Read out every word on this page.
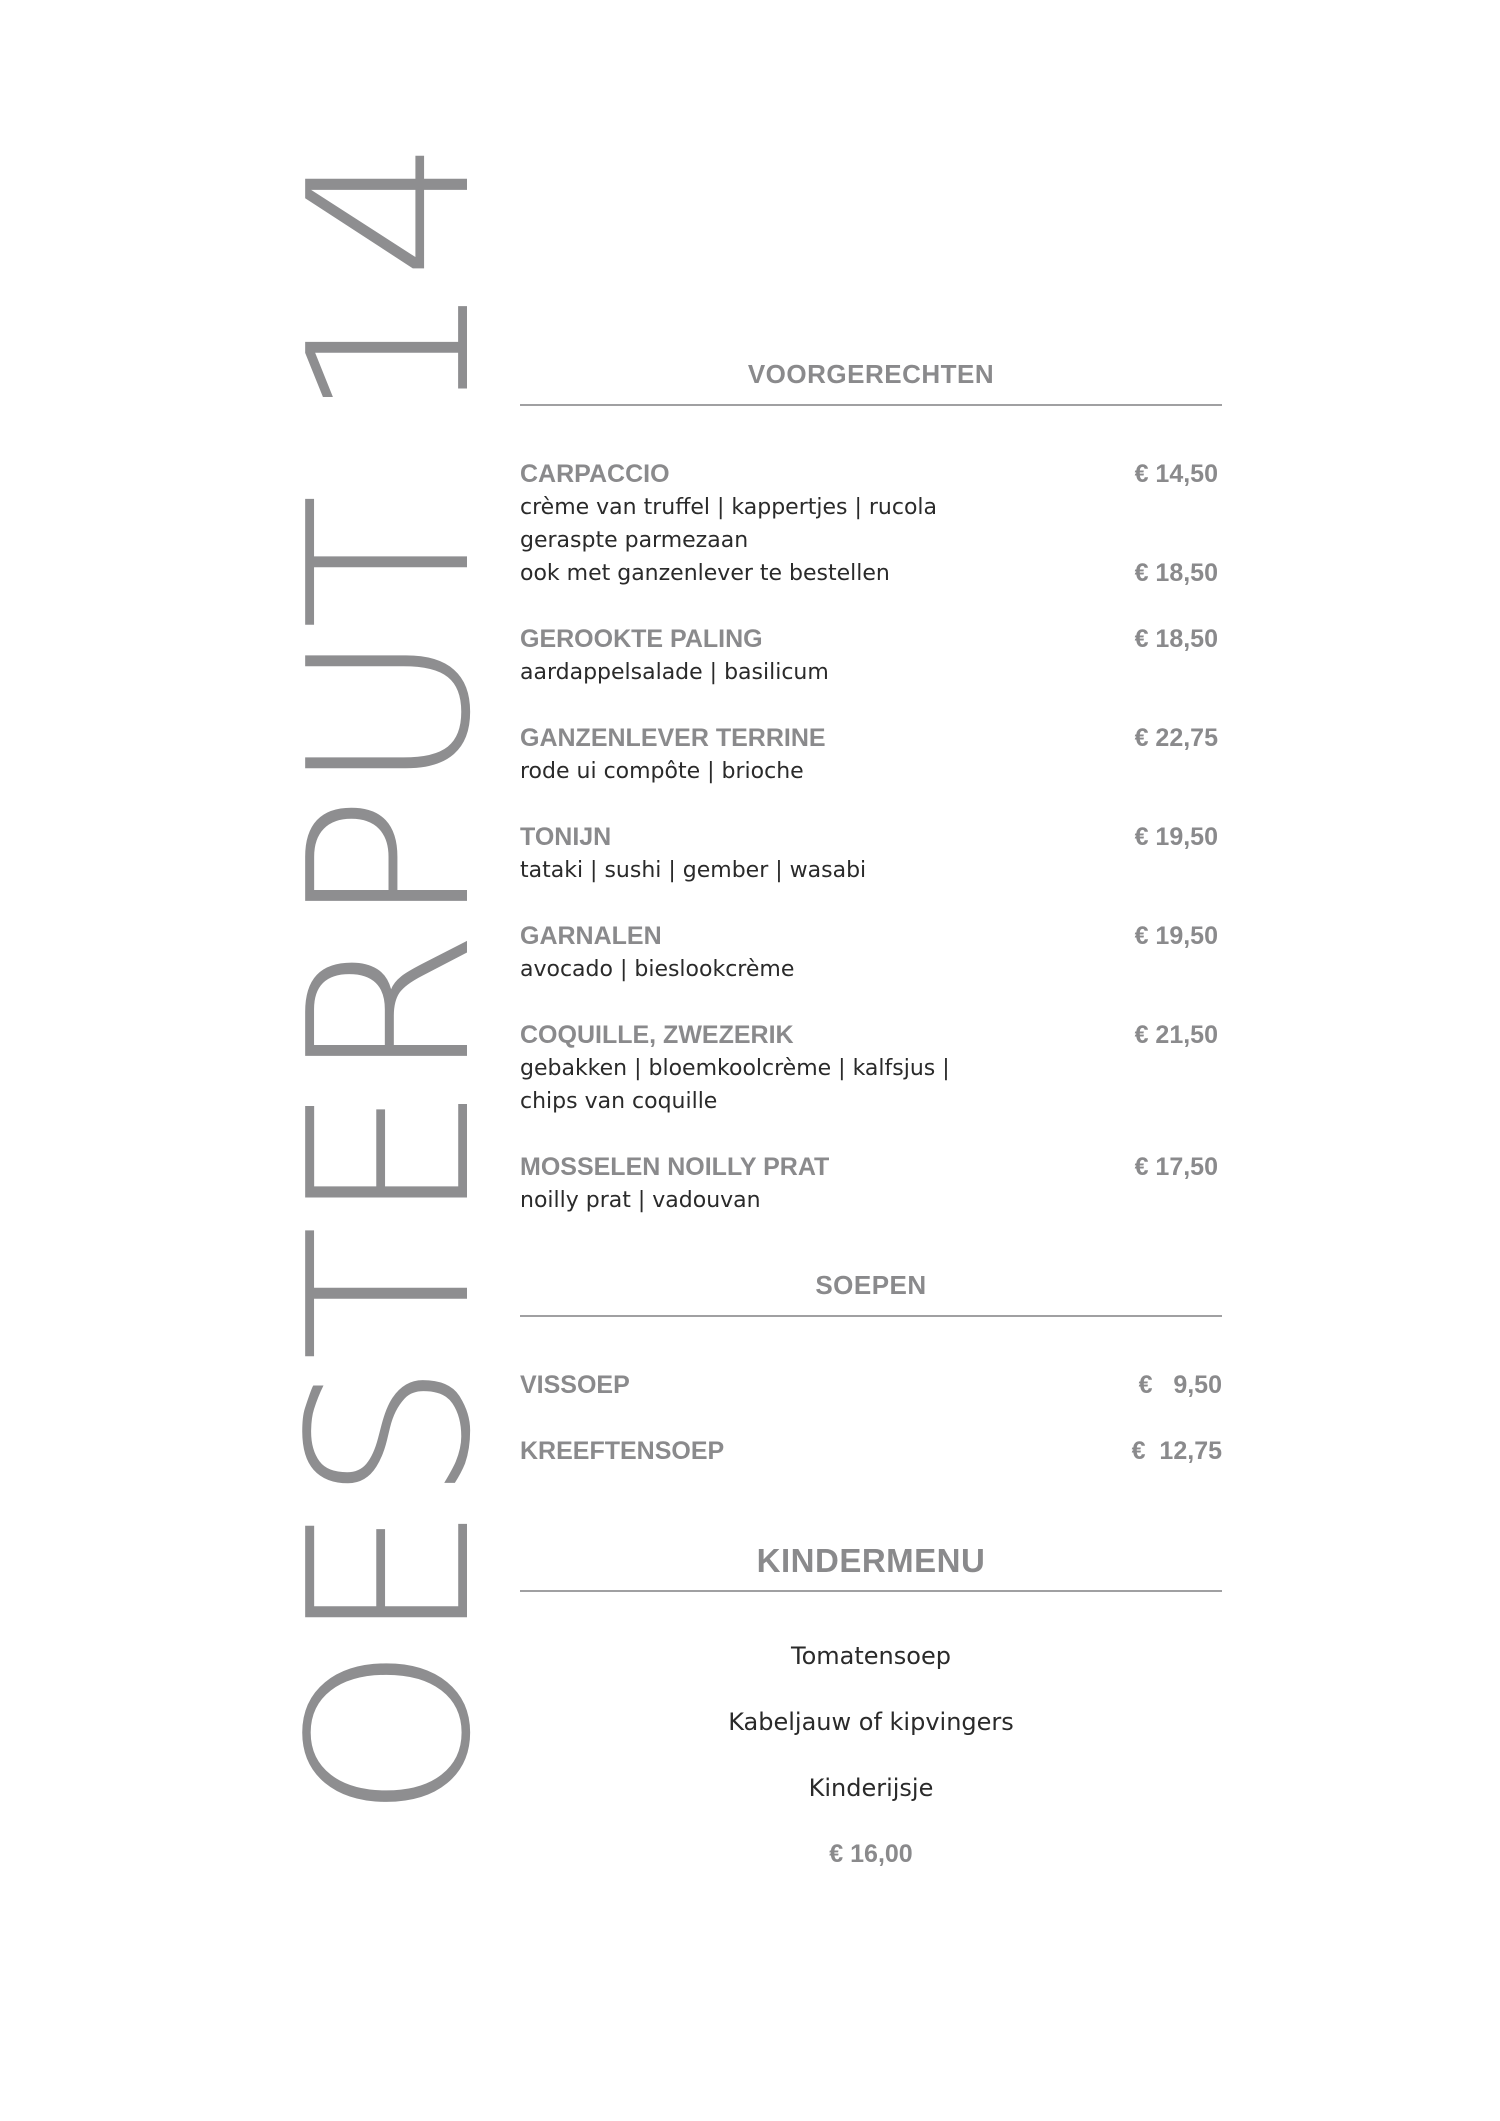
OESTERPUT 14	VOORGERECHTEN
CARPACCIO	€ 14,50
crème van truffel | kappertjes | rucola
geraspte parmezaan
ook met ganzenlever te bestellen	€ 18,50
GEROOKTE PALING	€ 18,50
aardappelsalade | basilicum
GANZENLEVER TERRINE	€ 22,75
rode ui compôte | brioche
TONIJN	€ 19,50
tataki | sushi | gember | wasabi
GARNALEN	€ 19,50
avocado | bieslookcrème
COQUILLE, ZWEZERIK	€ 21,50
gebakken | bloemkoolcrème | kalfsjus |
chips van coquille
MOSSELEN NOILLY PRAT	€ 17,50
noilly prat | vadouvan
SOEPEN
VISSOEP	€   9,50
KREEFTENSOEP	€  12,75
KINDERMENU
Tomatensoep
Kabeljauw of kipvingers
Kinderijsje
€ 16,00
